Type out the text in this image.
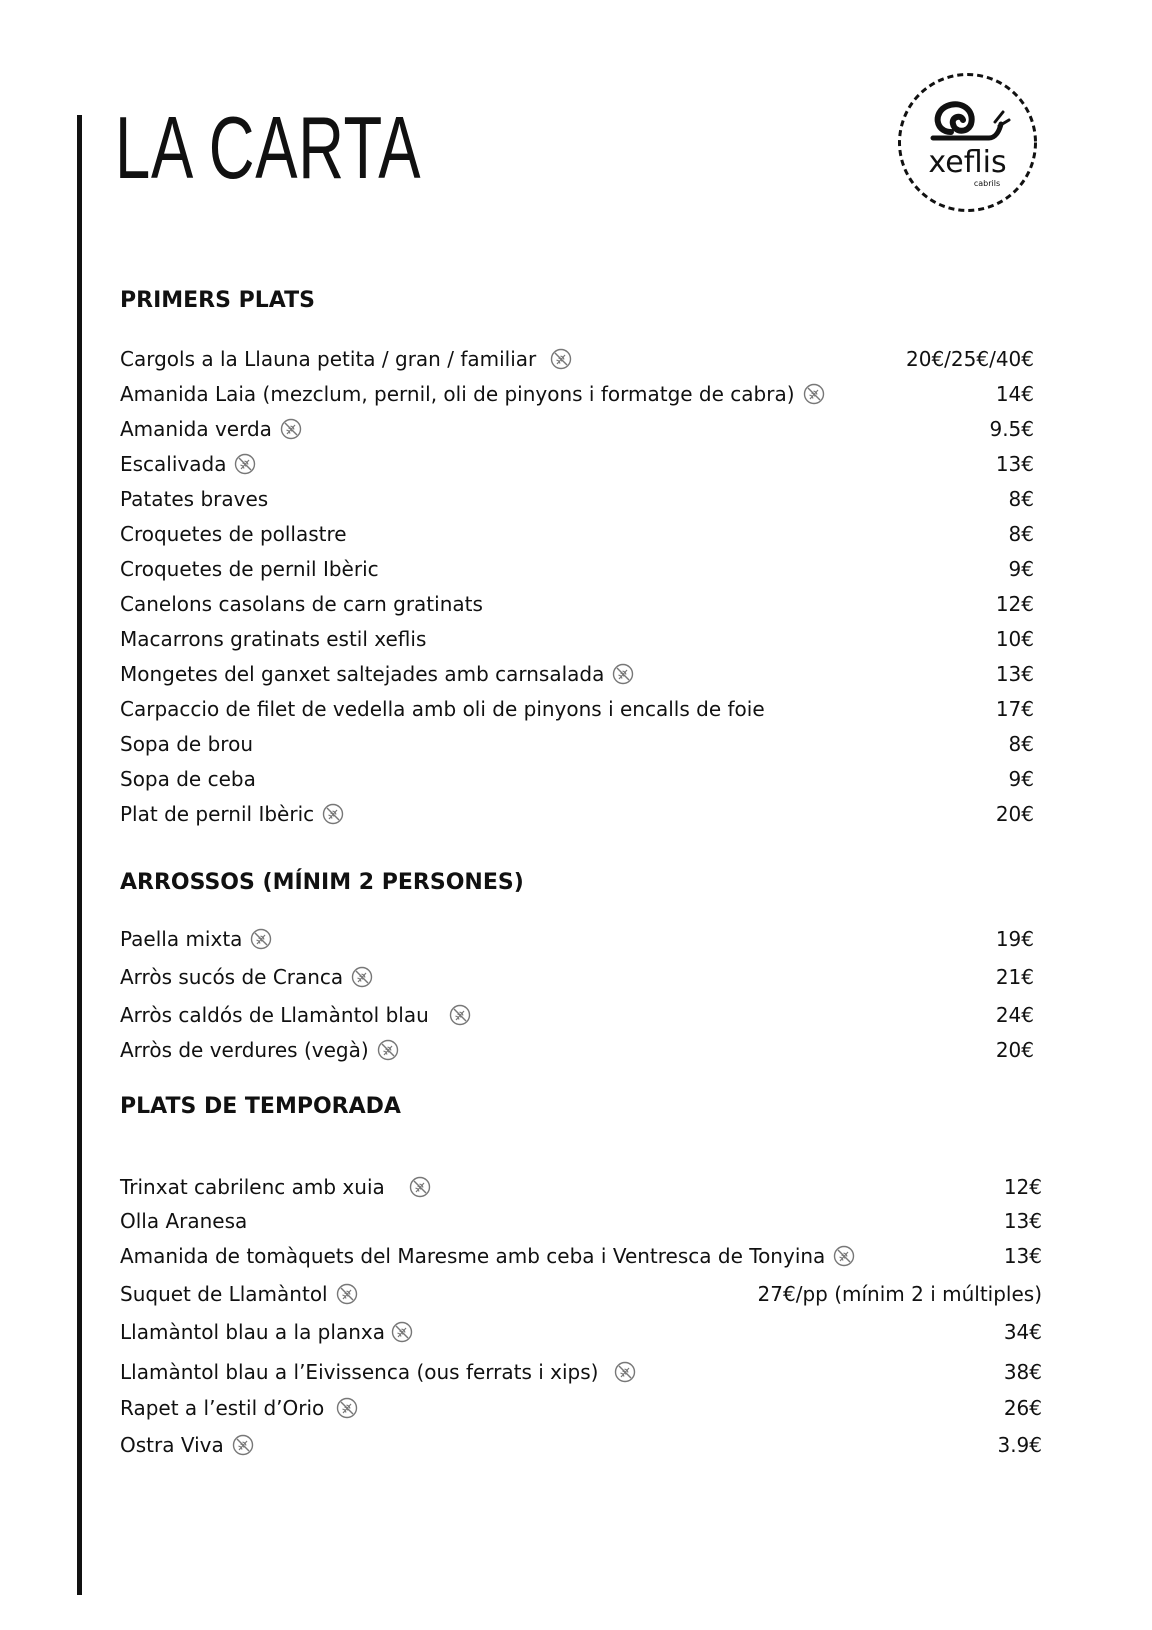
LA CARTA	xeflis
cabrils
PRIMERS PLATS
ARROSSOS (MÍNIM 2 PERSONES)
PLATS DE TEMPORADA
Cargols a la Llauna petita / gran / familiar	20€/25€/40€
Amanida Laia (mezclum, pernil, oli de pinyons i formatge de cabra)	14€
Amanida verda	9.5€
Escalivada	13€
Patates braves	8€
Croquetes de pollastre	8€
Croquetes de pernil Ibèric	9€
Canelons casolans de carn gratinats	12€
Macarrons gratinats estil xeflis	10€
Mongetes del ganxet saltejades amb carnsalada	13€
Carpaccio de filet de vedella amb oli de pinyons i encalls de foie	17€
Sopa de brou	8€
Sopa de ceba	9€
Plat de pernil Ibèric	20€
Paella mixta	19€
Arròs sucós de Cranca	21€
Arròs caldós de Llamàntol blau	24€
Arròs de verdures (vegà)	20€
Trinxat cabrilenc amb xuia	12€
Olla Aranesa	13€
Amanida de tomàquets del Maresme amb ceba i Ventresca de Tonyina	13€
Suquet de Llamàntol	27€/pp (mínim 2 i múltiples)
Llamàntol blau a la planxa	34€
Llamàntol blau a l’Eivissenca (ous ferrats i xips)	38€
Rapet a l’estil d’Orio	26€
Ostra Viva	3.9€
